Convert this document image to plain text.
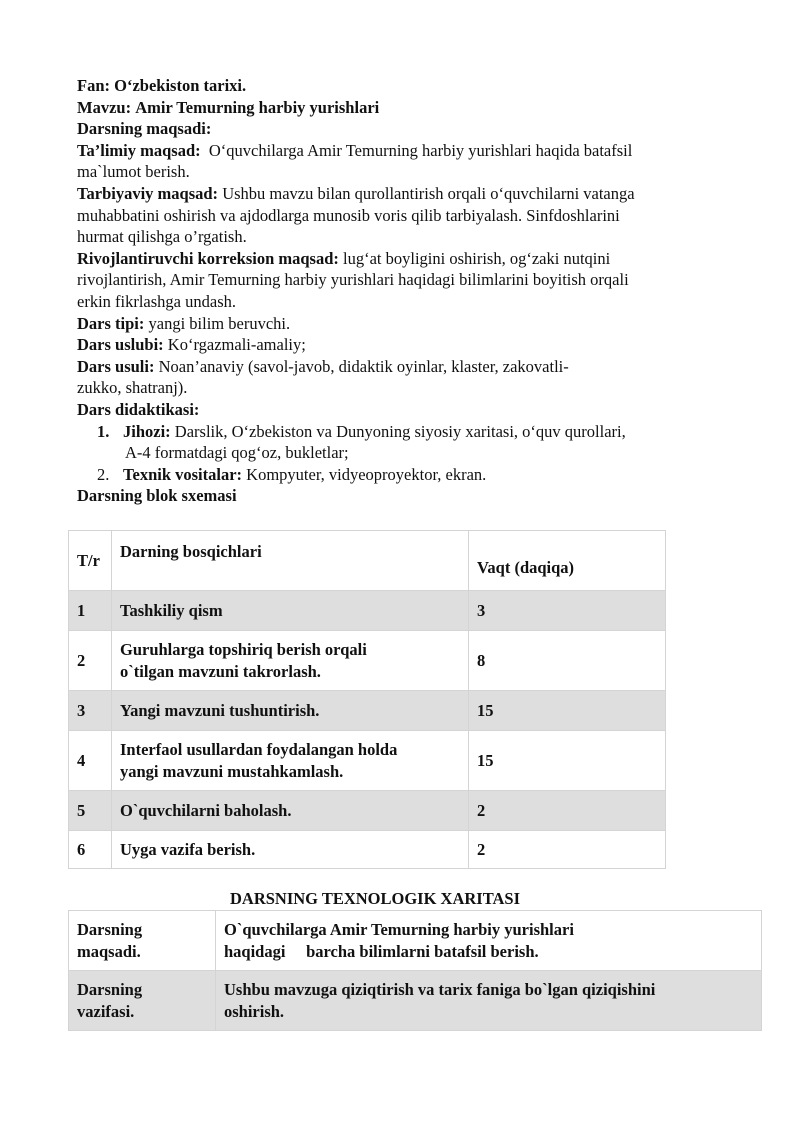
Fan: O‘zbekiston tarixi.
Mavzu: Amir Temurning harbiy yurishlari
Darsning maqsadi:
Ta’limiy maqsad: O‘quvchilarga Amir Temurning harbiy yurishlari haqida batafsil
ma`lumot berish.
Tarbiyaviy maqsad: Ushbu mavzu bilan qurollantirish orqali o‘quvchilarni vatanga
muhabbatini oshirish va ajdodlarga munosib voris qilib tarbiyalash. Sinfdoshlarini
hurmat qilishga o’rgatish.
Rivojlantiruvchi korreksion maqsad: lug‘at boyligini oshirish, og‘zaki nutqini
rivojlantirish, Amir Temurning harbiy yurishlari haqidagi bilimlarini boyitish orqali
erkin fikrlashga undash.
Dars tipi: yangi bilim beruvchi.
Dars uslubi: Ko‘rgazmali-amaliy;
Dars usuli: Noan’anaviy (savol-javob, didaktik oyinlar, klaster, zakovatli-
zukko, shatranj).
Dars didaktikasi:
1. Jihozi: Darslik, O‘zbekiston va Dunyoning siyosiy xaritasi, o‘quv qurollari,
A-4 formatdagi qog‘oz, bukletlar;
2. Texnik vositalar: Kompyuter, vidyeoproyektor, ekran.
Darsning blok sxemasi
T/r	Darning bosqichlari	Vaqt (daqiqa)
1	Tashkiliy qism	3
2	Guruhlarga topshiriq berish orqali
o`tilgan mavzuni takrorlash.	8
3	Yangi mavzuni tushuntirish.	15
4	Interfaol usullardan foydalangan holda
yangi mavzuni mustahkamlash.	15
5	O`quvchilarni baholash.	2
6	Uyga vazifa berish.	2
DARSNING TEXNOLOGIK XARITASI
Darsning
maqsadi.	O`quvchilarga Amir Temurning harbiy yurishlari
haqidagi     barcha bilimlarni batafsil berish.
Darsning
vazifasi.	Ushbu mavzuga qiziqtirish va tarix faniga bo`lgan qiziqishini
oshirish.
